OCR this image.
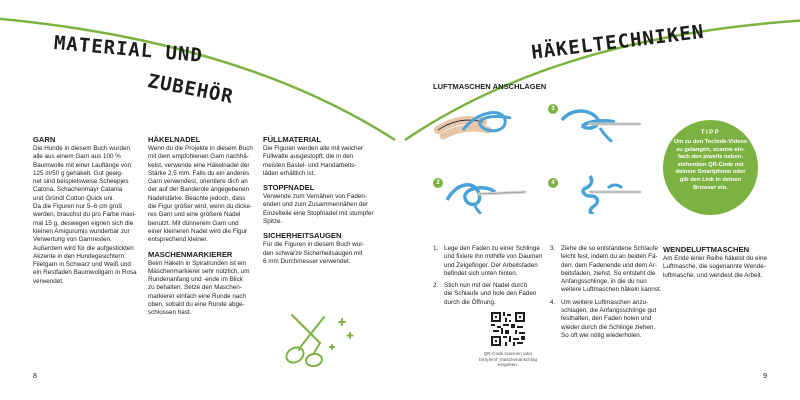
MATERIAL UND
ZUBEHÖR
GARN

Die Hunde in diesem Buch wurden
alle aus einem Garn aus 100 %
Baumwolle mit einer Lauflänge von
125 m/50 g gehäkelt. Gut geeig-
net sind beispielsweise Scheepjes
Catona, Schachenmayr Catania
und Gründl Cotton Quick uni.
Da die Figuren nur 5–6 cm groß
werden, brauchst du pro Farbe maxi-
mal 15 g, deswegen eignen sich die
kleinen Amigurumis wunderbar zur
Verwertung von Garnresten.
Außerdem wird für die aufgestickten
Akzente in den Hundegesichtern
Filetgarn in Schwarz und Weiß und
ein Restfaden Baumwollgarn in Rosa
verwendet.

HÄKELNADEL

Wenn du die Projekte in diesem Buch
mit dem empfohlenen Garn nachhä-
kelst, verwende eine Häkelnadel der
Stärke 2,5 mm. Falls du ein anderes
Garn verwendest, orientiere dich an
der auf der Banderole angegebenen
Nadelstärke. Beachte jedoch, dass
die Figur größer wird, wenn du dicke-
res Garn und eine größere Nadel
benutzt. Mit dünnerem Garn und
einer kleineren Nadel wird die Figur
entsprechend kleiner.

MASCHENMARKIERER

Beim Häkeln in Spiralrunden ist ein
Maschenmarkierer sehr nützlich, um
Rundenanfang und -ende im Blick
zu behalten. Setze den Maschen-
markierer einfach eine Runde nach
oben, sobald du eine Runde abge-
schlossen hast.

FÜLLMATERIAL

Die Figuren werden alle mit weicher
Füllwatte ausgestopft, die in den
meisten Bastel- und Handarbeits-
läden erhältlich ist.

STOPFNADEL

Verwende zum Vernähen von Faden-
enden und zum Zusammennähen der
Einzelteile eine Stopfnadel mit stumpfer
Spitze.

SICHERHEITSAUGEN

Für die Figuren in diesem Buch wur-
den schwarze Sicherheitsaugen mit
6 mm Durchmesser verwendet.

8
HÄKELTECHNIKEN
LUFTMASCHEN ANSCHLAGEN
3
2	4
TIPP
Um zu den Technik-Videos
zu gelangen, scanne ein-
fach den jeweils neben-
stehenden QR-Code mit
deinem Smartphone oder
gib den Link in deinen
Browser ein.
1. Lege den Faden zu einer Schlinge
und fixiere ihn mithilfe von Daumen
und Zeigefinger. Der Arbeitsfaden
befindet sich unten hinten.
2. Stich nun mit der Nadel durch
die Schlaufe und hole den Faden
durch die Öffnung.
QR-Code scannen oder
bit.ly/emf_maschenanschlag
eingeben.
3. Ziehe die so entstandene Schlaufe
leicht fest, indem du an beiden Fä-
den, dem Fadenende und dem Ar-
beitsfaden, ziehst. So entsteht die
Anfangsschlinge, in die du nun
weitere Luftmaschen häkeln kannst.
4. Um weitere Luftmaschen anzu-
schlagen, die Anfangsschlinge gut
festhalten, den Faden holen und
wieder durch die Schlinge ziehen.
So oft wie nötig wiederholen.
WENDELUFTMASCHEN

Am Ende einer Reihe häkelst du eine
Luftmasche, die sogenannte Wende-
luftmasche, und wendest die Arbeit.

9
